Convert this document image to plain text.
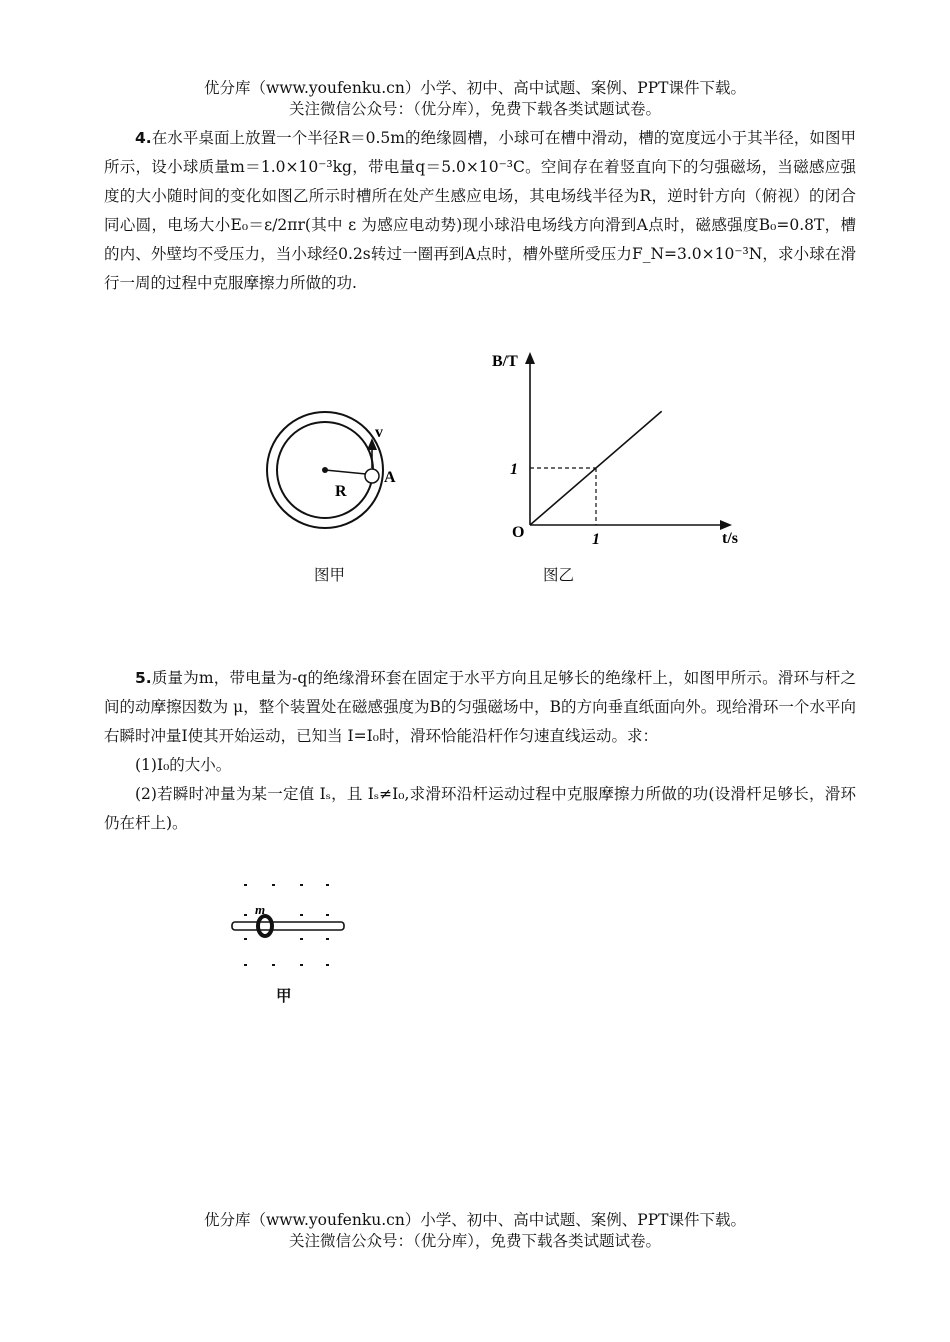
优分库（www.youfenku.cn）小学、初中、高中试题、案例、PPT课件下载。
关注微信公众号：（优分库），免费下载各类试题试卷。

4.在水平桌面上放置一个半径R＝0.5m的绝缘圆槽，小球可在槽中滑动，槽的宽度远小于其半径，如图甲所示，设小球质量m＝1.0×10⁻³kg，带电量q＝5.0×10⁻³C。空间存在着竖直向下的匀强磁场，当磁感应强度的大小随时间的变化如图乙所示时槽所在处产生感应电场，其电场线半径为R，逆时针方向（俯视）的闭合同心圆，电场大小E₀＝ε/2πr(其中 ε 为感应电动势)现小球沿电场线方向滑到A点时，磁感强度B₀=0.8T，槽的内、外壁均不受压力，当小球经0.2s转过一圈再到A点时，槽外壁所受压力F_N=3.0×10⁻³N，求小球在滑行一周的过程中克服摩擦力所做的功.

v
R
A
图甲
B/T
t/s
O
1
1
图乙

5.质量为m，带电量为-q的绝缘滑环套在固定于水平方向且足够长的绝缘杆上，如图甲所示。滑环与杆之间的动摩擦因数为 μ，整个装置处在磁感强度为B的匀强磁场中，B的方向垂直纸面向外。现给滑环一个水平向右瞬时冲量I使其开始运动，已知当 I=I₀时，滑环恰能沿杆作匀速直线运动。求：

(1)I₀的大小。

(2)若瞬时冲量为某一定值 Iₛ，且 Iₛ≠I₀,求滑环沿杆运动过程中克服摩擦力所做的功(设滑杆足够长，滑环仍在杆上)。

m
甲
优分库（www.youfenku.cn）小学、初中、高中试题、案例、PPT课件下载。
关注微信公众号：（优分库），免费下载各类试题试卷。
